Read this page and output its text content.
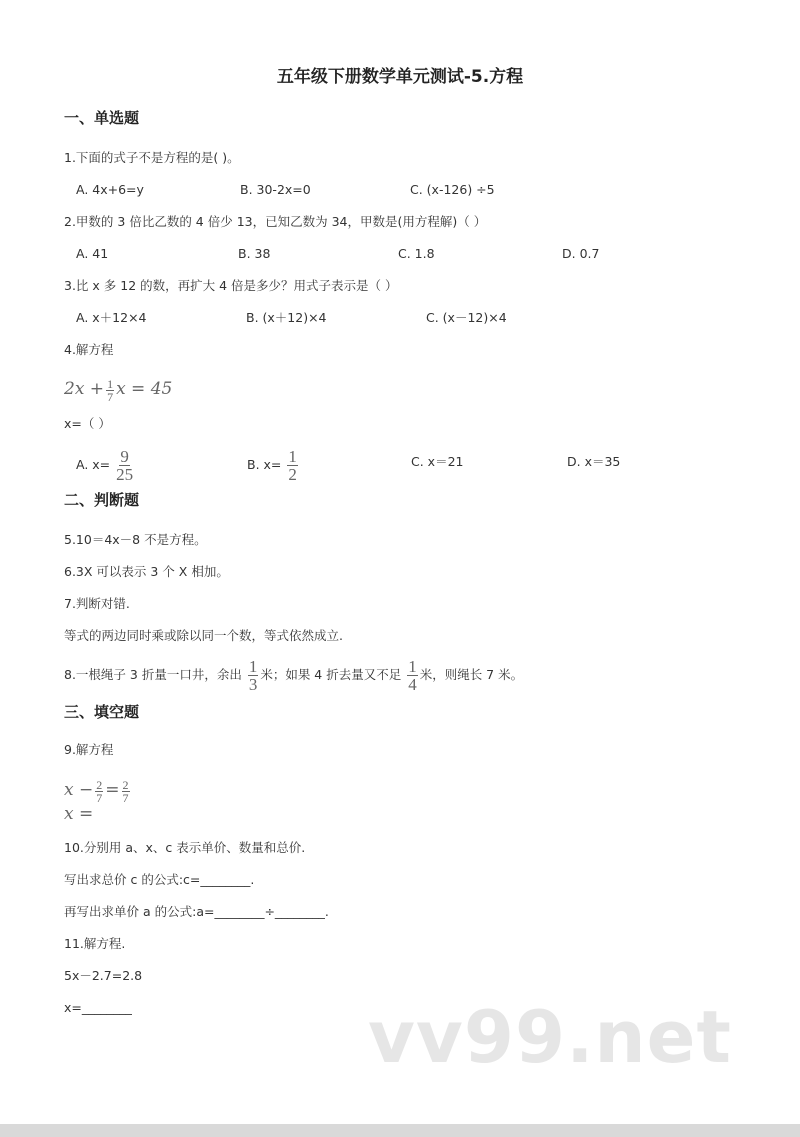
五年级下册数学单元测试-5.方程
一、单选题
1.下面的式子不是方程的是( )。
A. 4x+6=y	B. 30-2x=0	C. (x-126) ÷5
2.甲数的 3 倍比乙数的 4 倍少 13，已知乙数为 34，甲数是(用方程解)（ ）
A. 41	B. 38	C. 1.8	D. 0.7
3.比 x 多 12 的数，再扩大 4 倍是多少？用式子表示是（ ）
A. x＋12×4	B. (x＋12)×4	C. (x－12)×4
4.解方程
$2x + \frac{1}{7}$ x = 45
x=（ ）
A. $x= \frac{9}{25}$	B. $x= \frac{1}{2}$	C. x＝21	D. x＝35
二、判断题
5.10＝4x－8 不是方程。
6.3X 可以表示 3 个 X 相加。
7.判断对错.
等式的两边同时乘或除以同一个数，等式依然成立.
8.一根绳子 3 折量一口井，余出 $\frac{1}{3}$ 米；如果 4 折去量又不足 $\frac{1}{4}$ 米，则绳长 7 米。
三、填空题
9.解方程
$x - \frac{2}{7} = \frac{2}{7}$
x =
10.分别用 a、x、c 表示单价、数量和总价.
写出求总价 c 的公式:c=________.
再写出求单价 a 的公式:a=________÷________.
11.解方程.
5x－2.7=2.8
x=________	vv99.net
